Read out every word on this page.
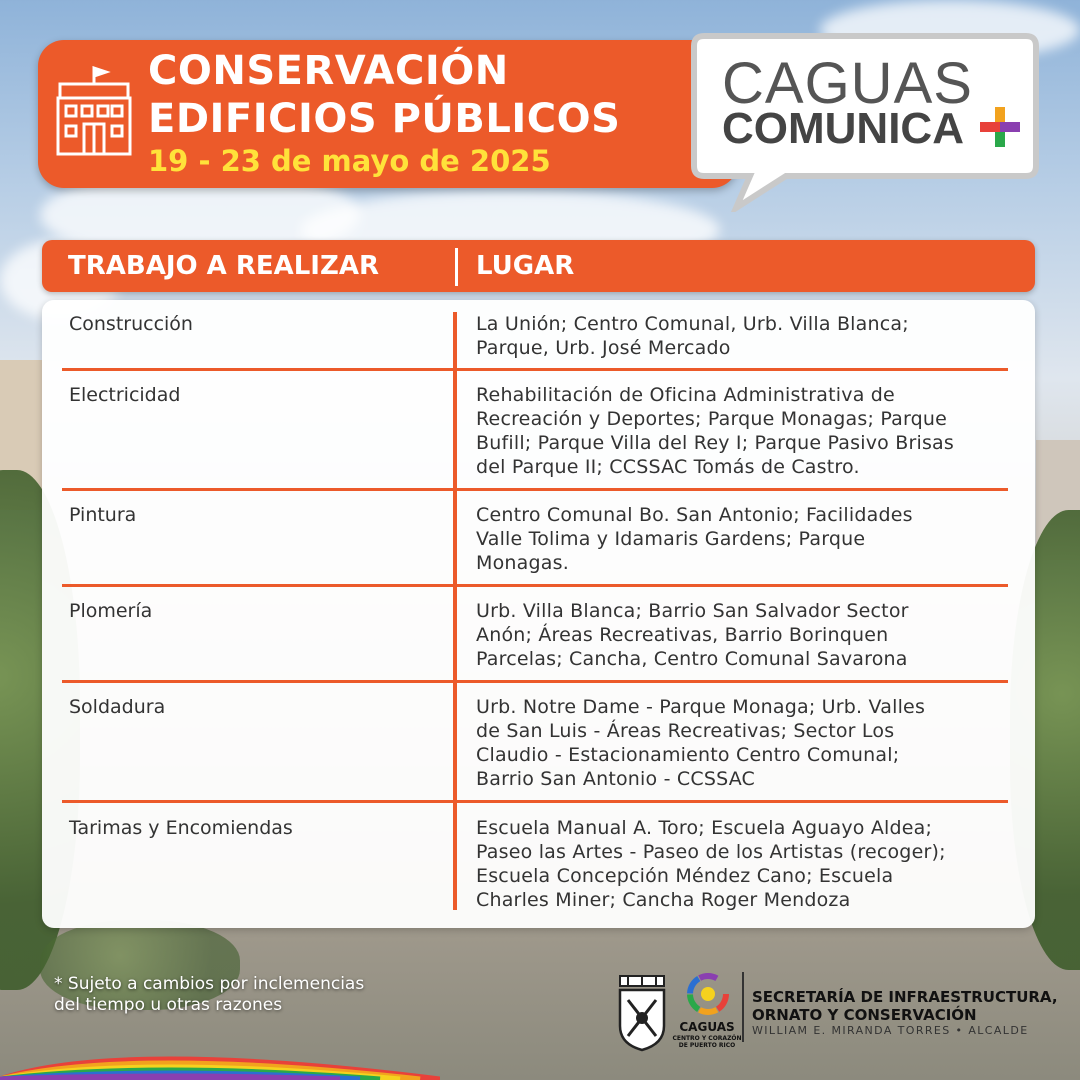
CONSERVACIÓN
EDIFICIOS PÚBLICOS
19 - 23 de mayo de 2025
CAGUAS
COMUNICA
TRABAJO A REALIZAR	LUGAR
Construcción	La Unión; Centro Comunal, Urb. Villa Blanca;
Parque, Urb. José Mercado
Electricidad	Rehabilitación de Oficina Administrativa de
Recreación y Deportes; Parque Monagas; Parque
Bufill; Parque Villa del Rey I; Parque Pasivo Brisas
del Parque II; CCSSAC Tomás de Castro.
Pintura	Centro Comunal Bo. San Antonio; Facilidades
Valle Tolima y Idamaris Gardens; Parque
Monagas.
Plomería	Urb. Villa Blanca; Barrio San Salvador Sector
Anón; Áreas Recreativas, Barrio Borinquen
Parcelas; Cancha, Centro Comunal Savarona
Soldadura	Urb. Notre Dame - Parque Monaga; Urb. Valles
de San Luis - Áreas Recreativas; Sector Los
Claudio - Estacionamiento Centro Comunal;
Barrio San Antonio - CCSSAC
Tarimas y Encomiendas	Escuela Manual A. Toro; Escuela Aguayo Aldea;
Paseo las Artes - Paseo de los Artistas (recoger);
Escuela Concepción Méndez Cano; Escuela
Charles Miner; Cancha Roger Mendoza
* Sujeto a cambios por inclemencias
del tiempo u otras razones
CAGUAS
CENTRO Y CORAZÓN
DE PUERTO RICO
SECRETARÍA DE INFRAESTRUCTURA,
ORNATO Y CONSERVACIÓN
WILLIAM E. MIRANDA TORRES • ALCALDE
